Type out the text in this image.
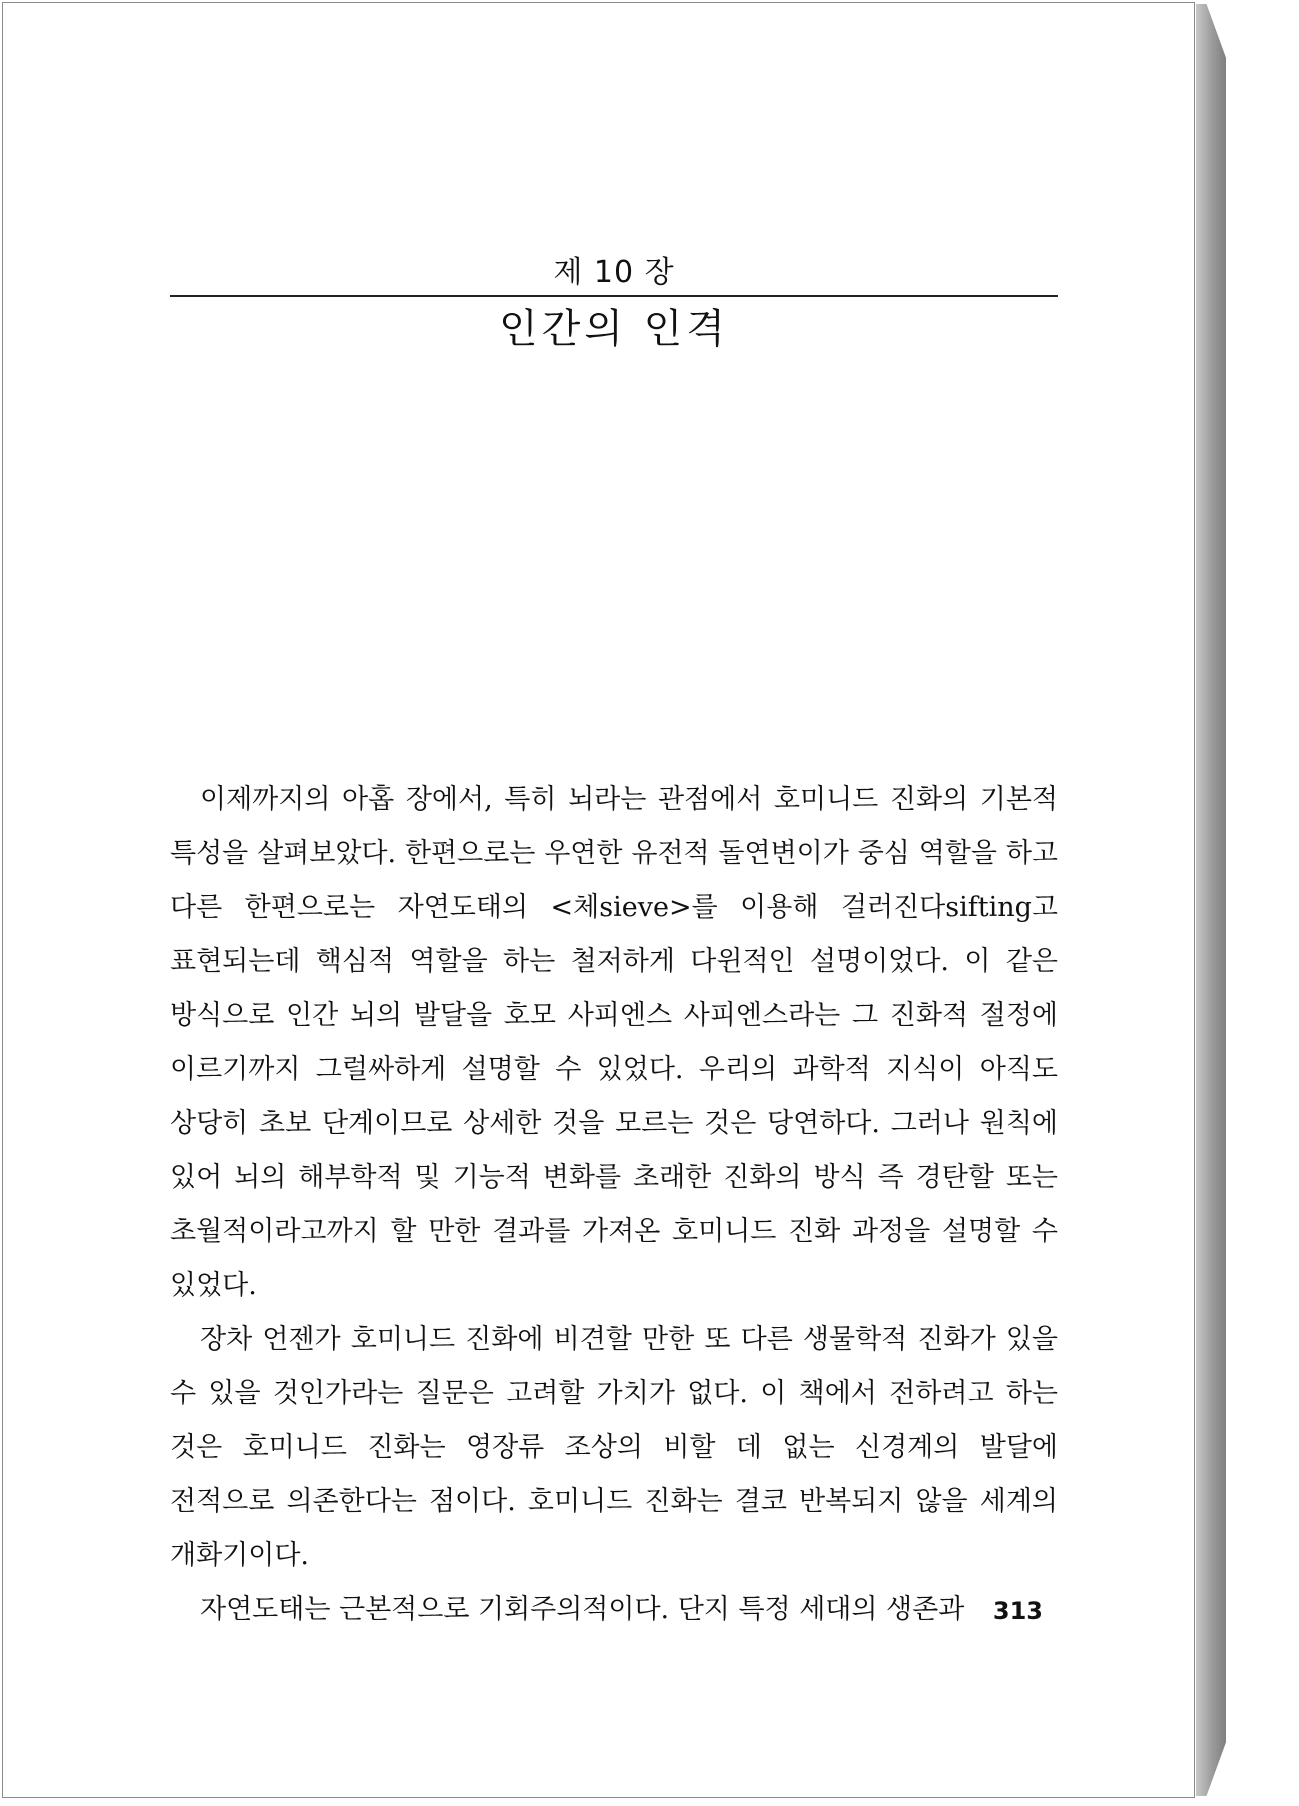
제 10 장
인간의 인격

이제까지의 아홉 장에서, 특히 뇌라는 관점에서 호미니드 진화의 기본적 특성을 살펴보았다. 한편으로는 우연한 유전적 돌연변이가 중심 역할을 하고 다른 한편으로는 자연도태의 <체sieve>를 이용해 걸러진다sifting고 표현되는데 핵심적 역할을 하는 철저하게 다윈적인 설명이었다. 이 같은 방식으로 인간 뇌의 발달을 호모 사피엔스 사피엔스라는 그 진화적 절정에 이르기까지 그럴싸하게 설명할 수 있었다. 우리의 과학적 지식이 아직도 상당히 초보 단계이므로 상세한 것을 모르는 것은 당연하다. 그러나 원칙에 있어 뇌의 해부학적 및 기능적 변화를 초래한 진화의 방식 즉 경탄할 또는 초월적이라고까지 할 만한 결과를 가져온 호미니드 진화 과정을 설명할 수 있었다.

장차 언젠가 호미니드 진화에 비견할 만한 또 다른 생물학적 진화가 있을 수 있을 것인가라는 질문은 고려할 가치가 없다. 이 책에서 전하려고 하는 것은 호미니드 진화는 영장류 조상의 비할 데 없는 신경계의 발달에 전적으로 의존한다는 점이다. 호미니드 진화는 결코 반복되지 않을 세계의 개화기이다.

자연도태는 근본적으로 기회주의적이다. 단지 특정 세대의 생존과	313
